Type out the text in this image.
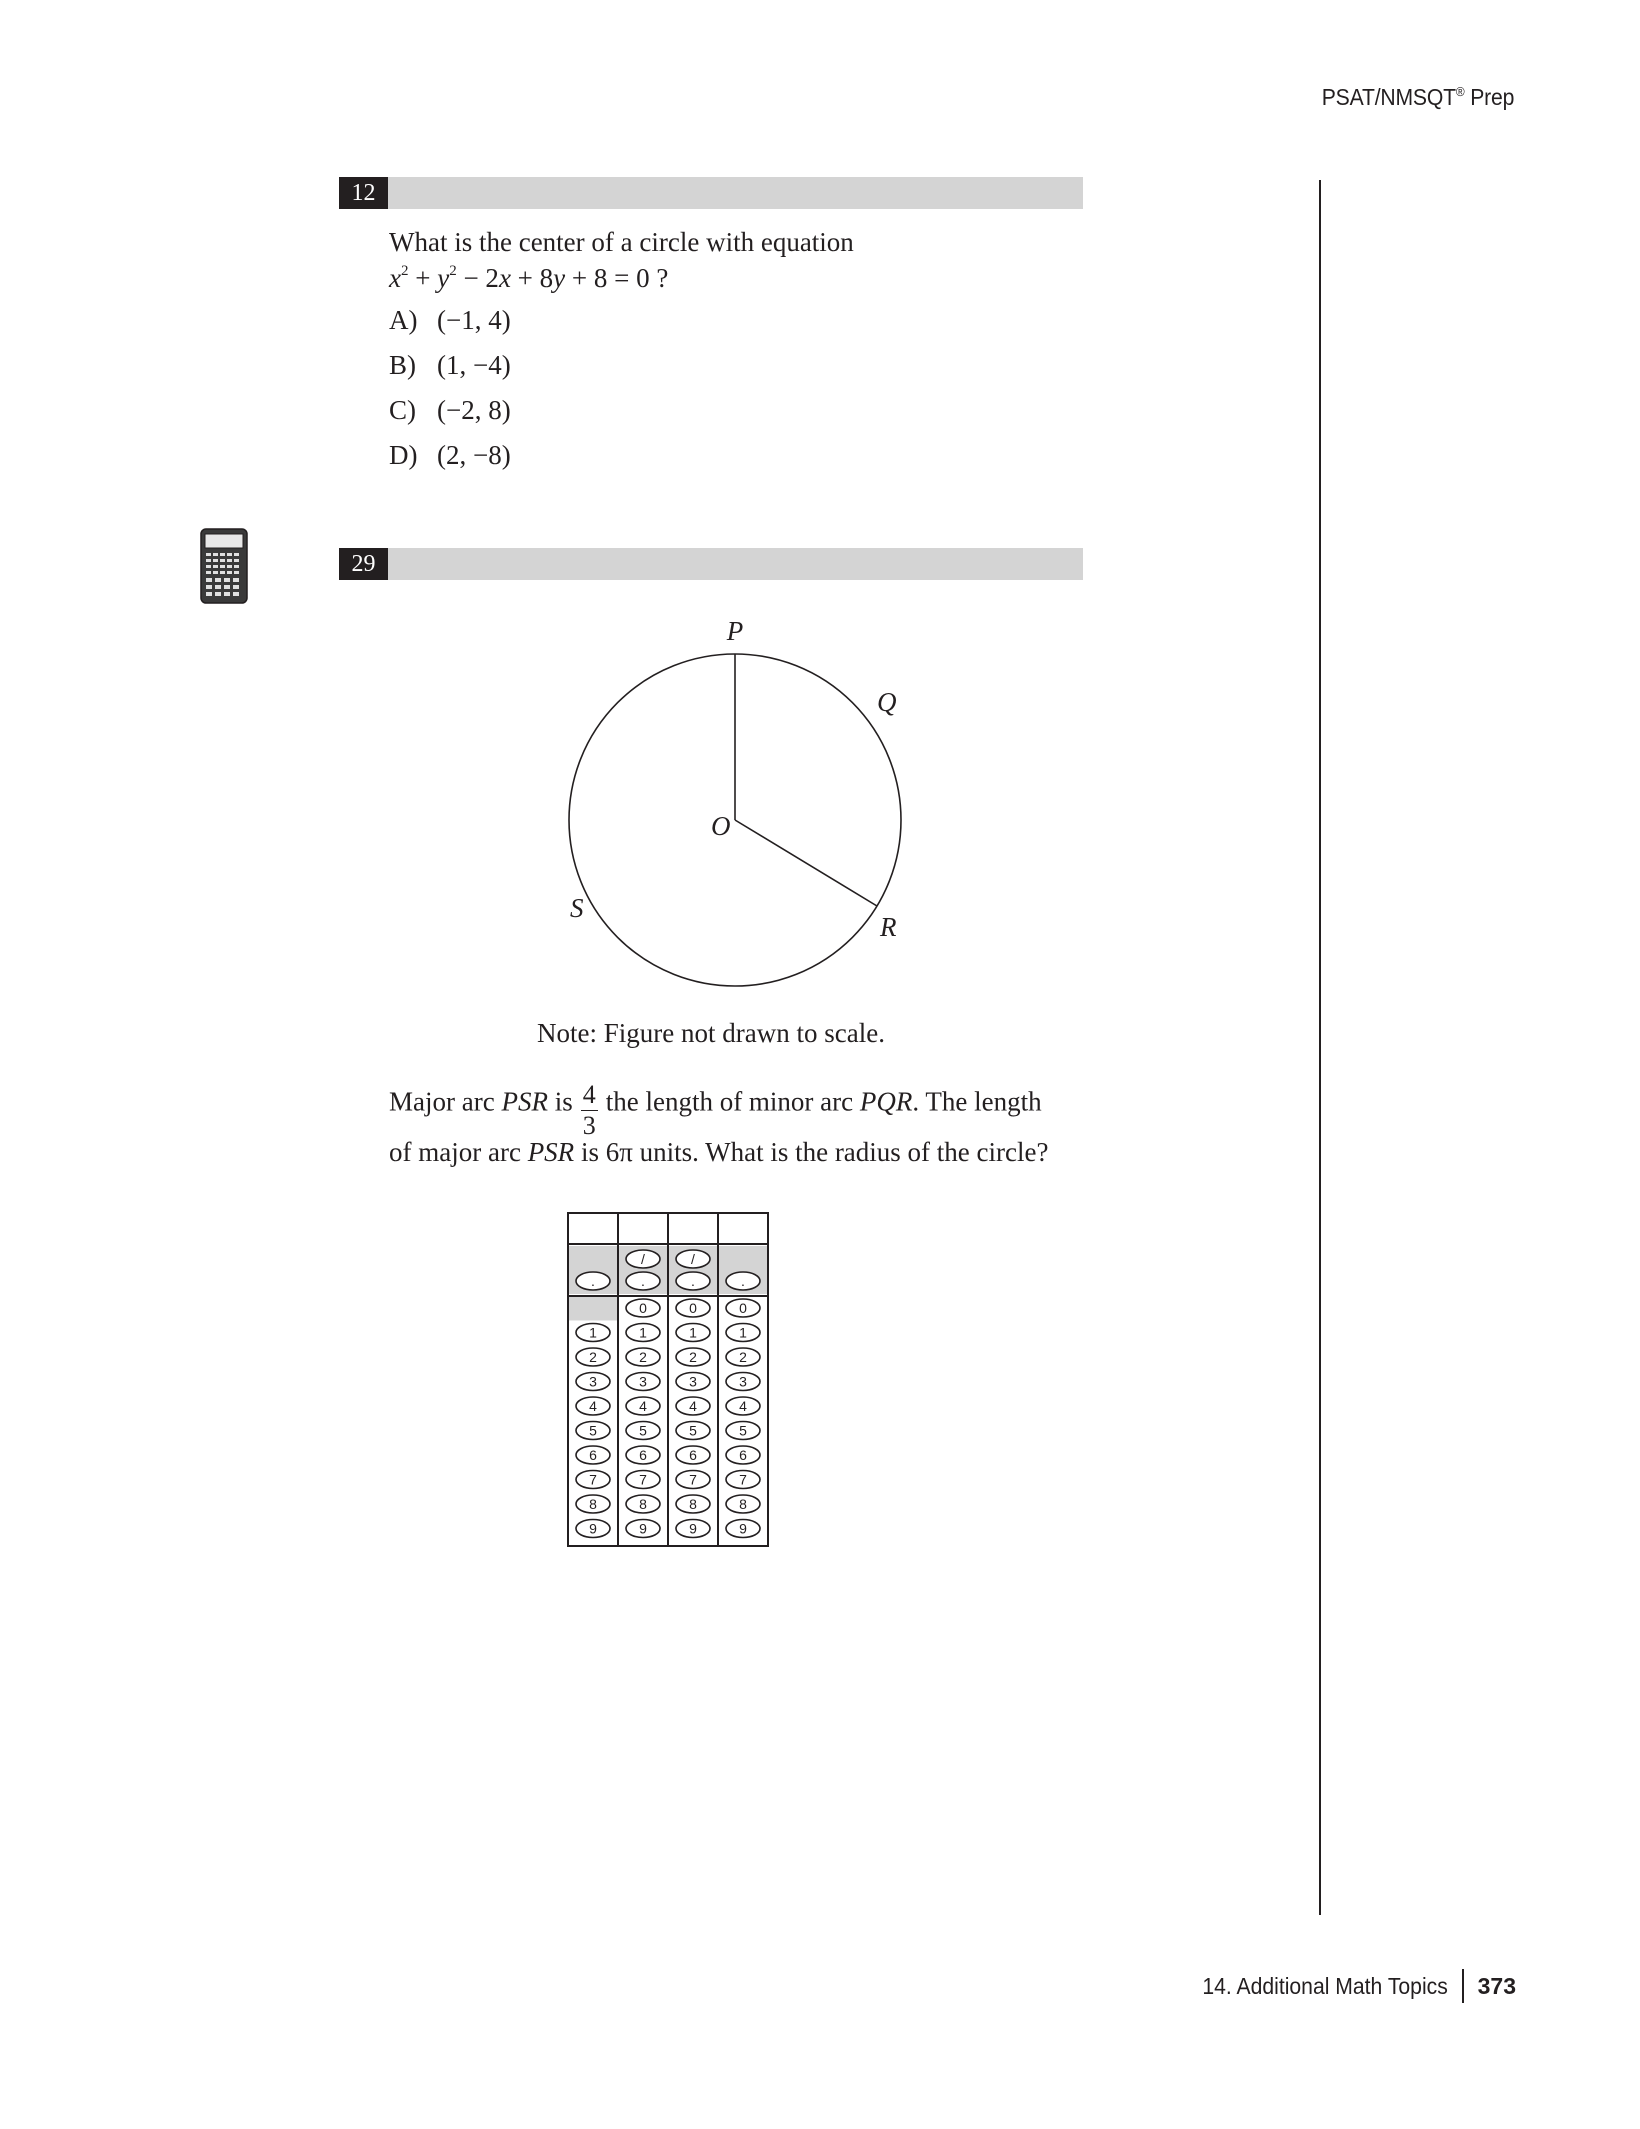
PSAT/NMSQT® Prep
12
What is the center of a circle with equation
$x^2 + y^2 - 2x + 8y + 8 = 0$ ?
A) (−1, 4)
B) (1, −4)
C) (−2, 8)
D) (2, −8)
29
P
Q
O
S
R
Note: Figure not drawn to scale.
Major arc PSR is $\frac{4}{3}$ the length of minor arc PQR. The length
of major arc PSR is 6π units. What is the radius of the circle?
.
1
2
3
4
5
6
7
8
9
/
.
0
1
2
3
4
5
6
7
8
9
/
.
0
1
2
3
4
5
6
7
8
9
.
0
1
2
3
4
5
6
7
8
9
14. Additional Math Topics 373
